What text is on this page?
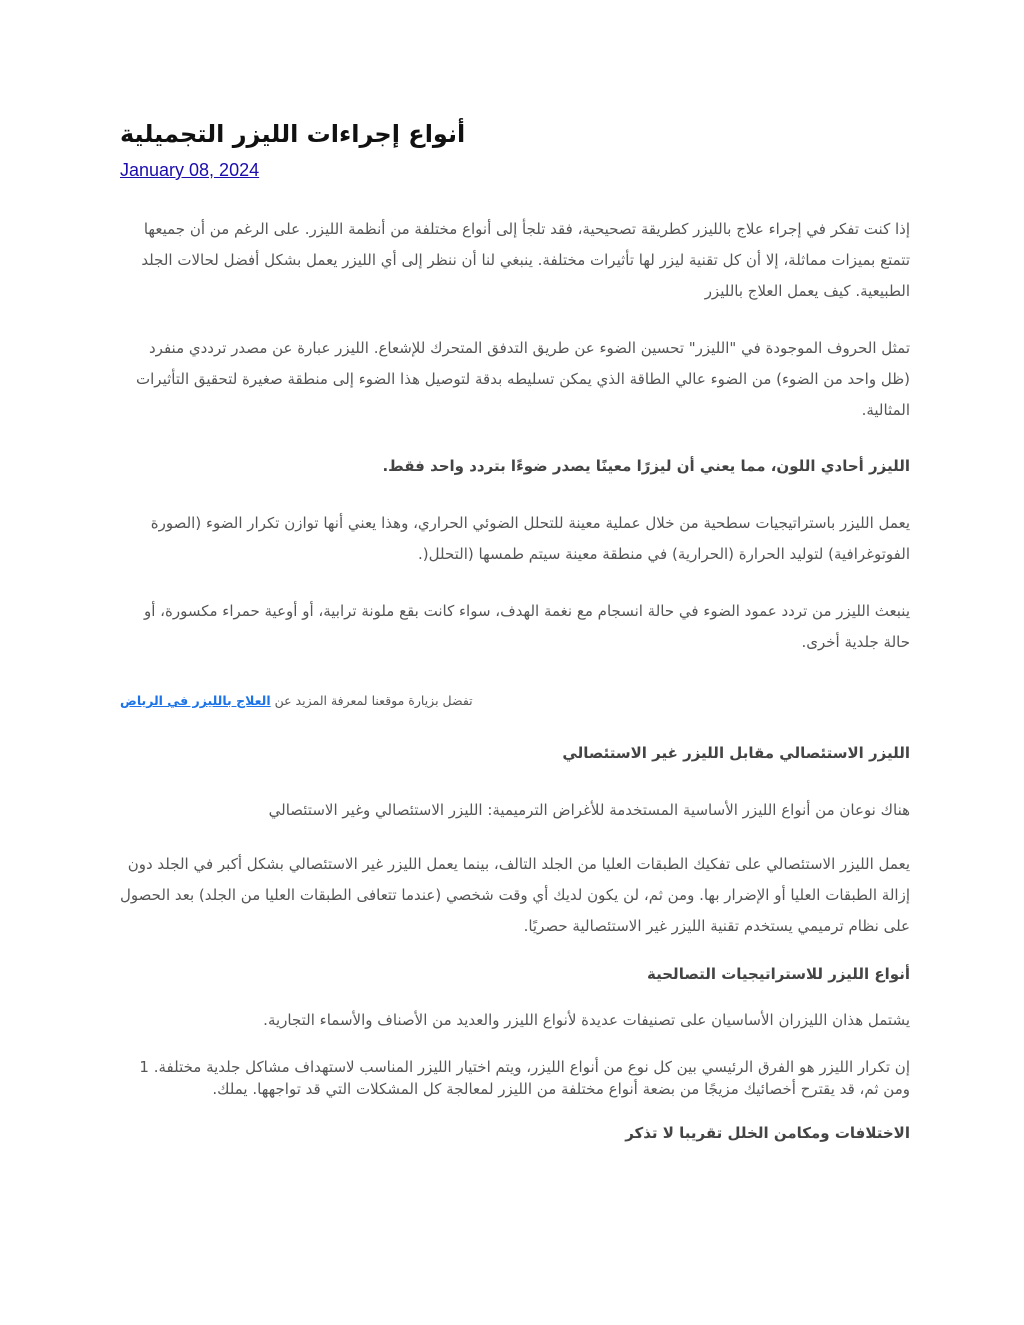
أنواع إجراءات الليزر التجميلية
January 08, 2024

إذا كنت تفكر في إجراء علاج بالليزر كطريقة تصحيحية، فقد تلجأ إلى أنواع مختلفة من أنظمة الليزر. على الرغم من أن جميعها تتمتع بميزات مماثلة، إلا أن كل تقنية ليزر لها تأثيرات مختلفة. ينبغي لنا أن ننظر إلى أي الليزر يعمل بشكل أفضل لحالات الجلد الطبيعية. كيف يعمل العلاج بالليزر

تمثل الحروف الموجودة في "الليزر" تحسين الضوء عن طريق التدفق المتحرك للإشعاع. الليزر عبارة عن مصدر ترددي منفرد (ظل واحد من الضوء) من الضوء عالي الطاقة الذي يمكن تسليطه بدقة لتوصيل هذا الضوء إلى منطقة صغيرة لتحقيق التأثيرات المثالية.

الليزر أحادي اللون، مما يعني أن ليزرًا معينًا يصدر ضوءًا بتردد واحد فقط.

يعمل الليزر باستراتيجيات سطحية من خلال عملية معينة للتحلل الضوئي الحراري، وهذا يعني أنها توازن تكرار الضوء (الصورة الفوتوغرافية) لتوليد الحرارة (الحرارية) في منطقة معينة سيتم طمسها (التحلل(.

ينبعث الليزر من تردد عمود الضوء في حالة انسجام مع نغمة الهدف، سواء كانت بقع ملونة ترابية، أو أوعية حمراء مكسورة، أو حالة جلدية أخرى.

تفضل بزيارة موقعنا لمعرفة المزيد عن العلاج بالليزر في الرياض

الليزر الاستئصالي مقابل الليزر غير الاستئصالي

هناك نوعان من أنواع الليزر الأساسية المستخدمة للأغراض الترميمية: الليزر الاستئصالي وغير الاستئصالي

يعمل الليزر الاستئصالي على تفكيك الطبقات العليا من الجلد التالف، بينما يعمل الليزر غير الاستئصالي بشكل أكبر في الجلد دون إزالة الطبقات العليا أو الإضرار بها. ومن ثم، لن يكون لديك أي وقت شخصي (عندما تتعافى الطبقات العليا من الجلد) بعد الحصول على نظام ترميمي يستخدم تقنية الليزر غير الاستئصالية حصريًا.

أنواع الليزر للاستراتيجيات التصالحية

يشتمل هذان الليزران الأساسيان على تصنيفات عديدة لأنواع الليزر والعديد من الأصناف والأسماء التجارية.

إن تكرار الليزر هو الفرق الرئيسي بين كل نوع من أنواع الليزر، ويتم اختيار الليزر المناسب لاستهداف مشاكل جلدية مختلفة. 1 ومن ثم، قد يقترح أخصائيك مزيجًا من بضعة أنواع مختلفة من الليزر لمعالجة كل المشكلات التي قد تواجهها. يملك.

الاختلافات ومكامن الخلل تقريبا لا تذكر
